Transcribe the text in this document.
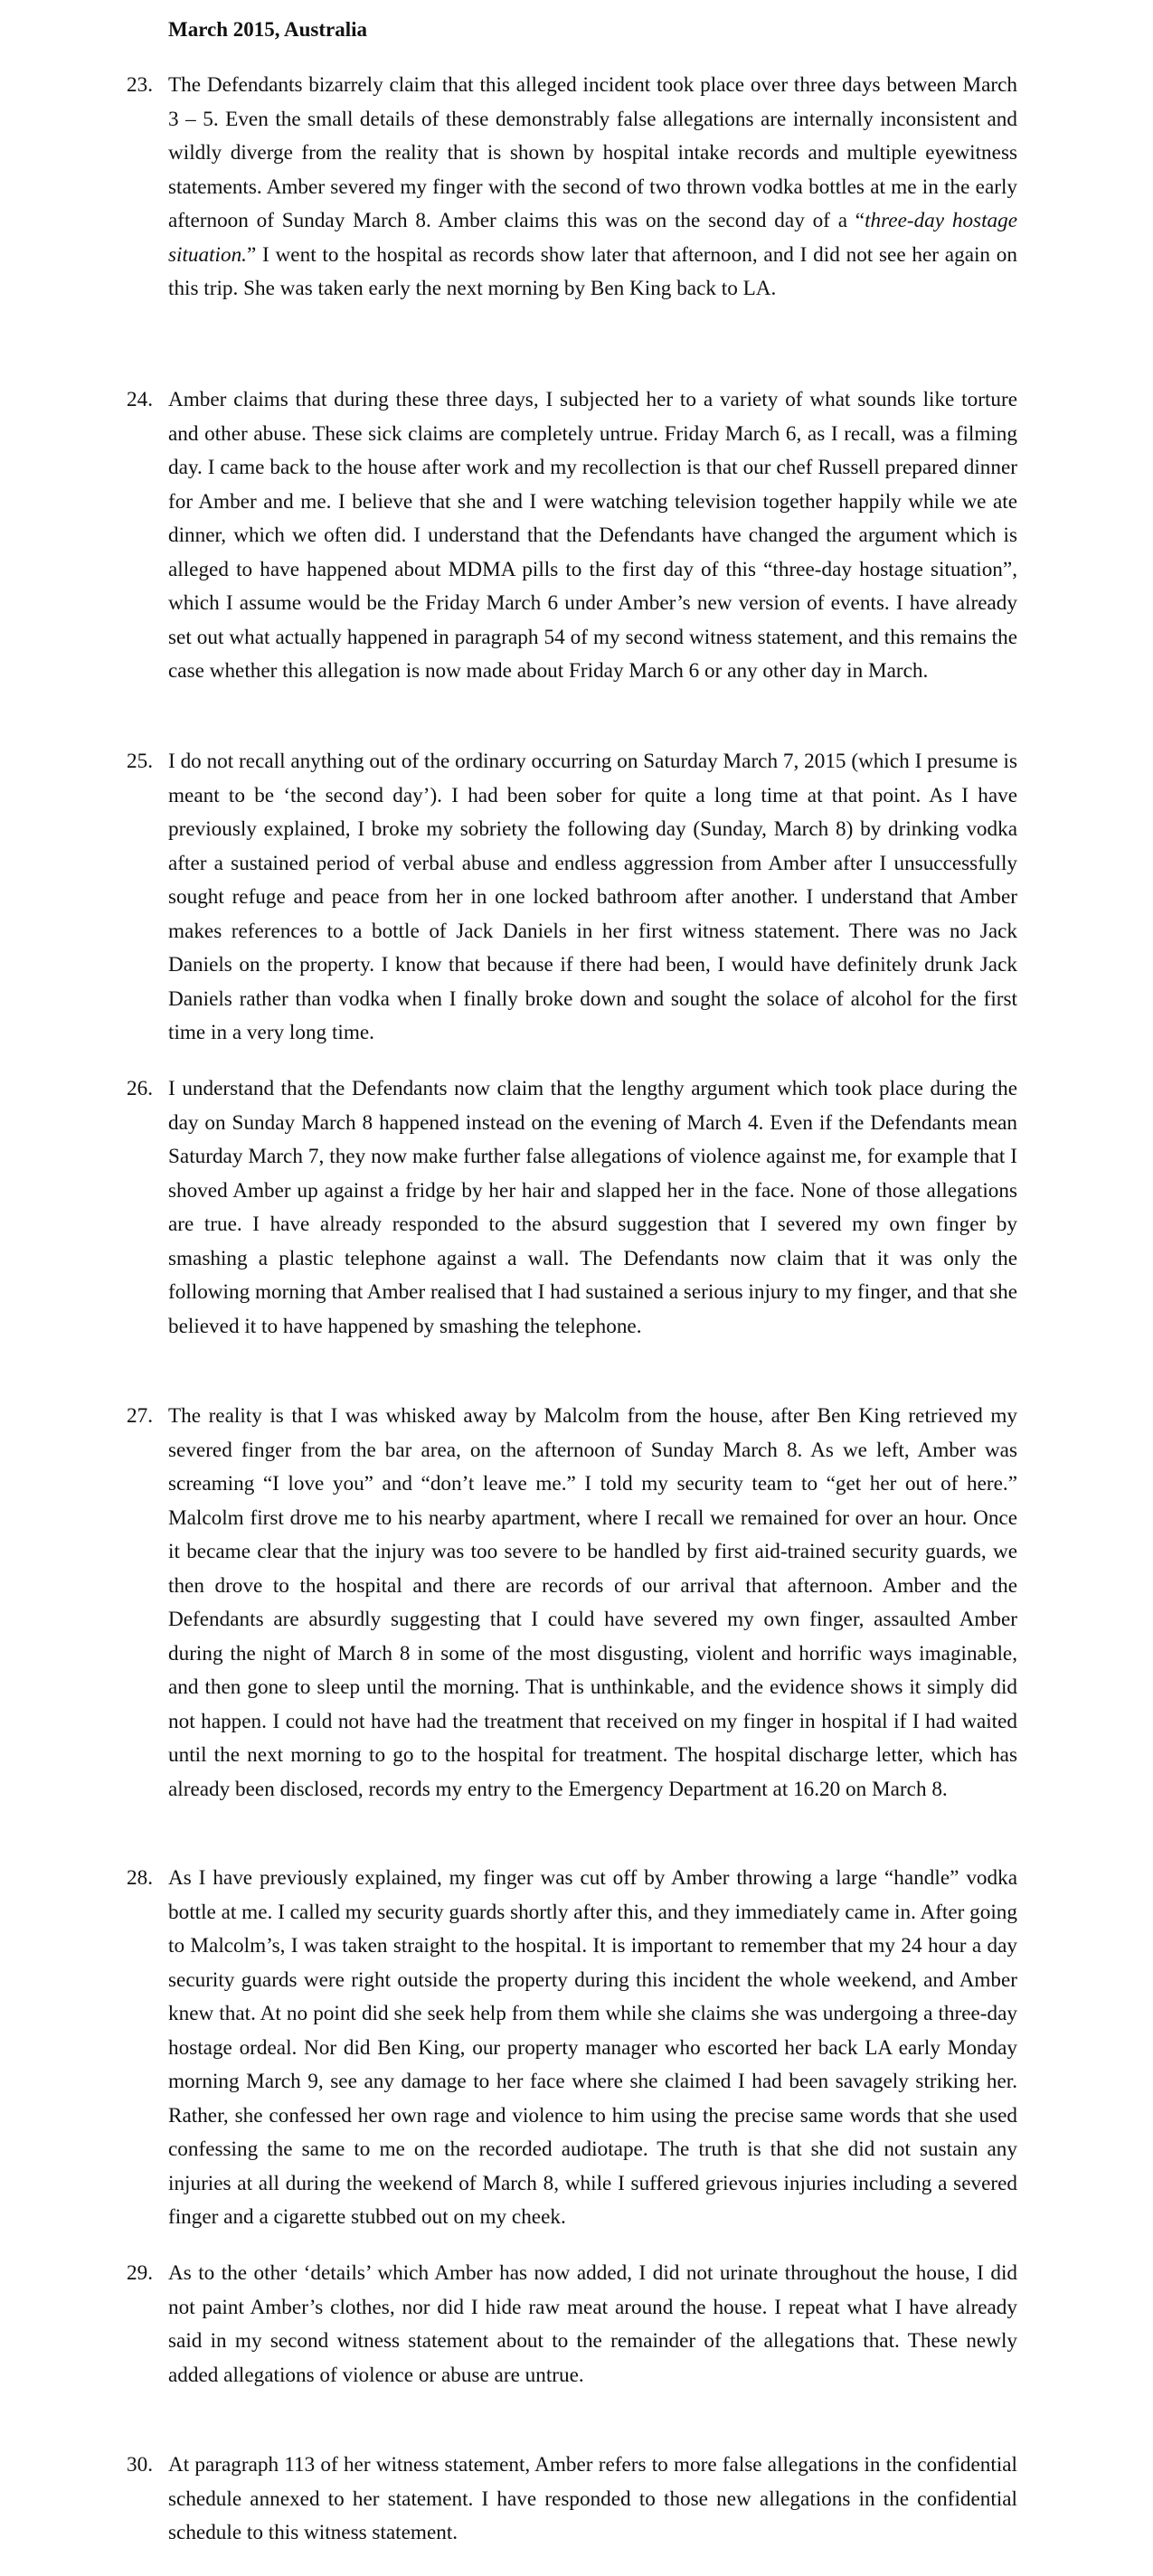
March 2015, Australia

23. The Defendants bizarrely claim that this alleged incident took place over three days between March 3 – 5. Even the small details of these demonstrably false allegations are internally inconsistent and wildly diverge from the reality that is shown by hospital intake records and multiple eyewitness statements. Amber severed my finger with the second of two thrown vodka bottles at me in the early afternoon of Sunday March 8. Amber claims this was on the second day of a “three-day hostage situation.” I went to the hospital as records show later that afternoon, and I did not see her again on this trip. She was taken early the next morning by Ben King back to LA.

24. Amber claims that during these three days, I subjected her to a variety of what sounds like torture and other abuse. These sick claims are completely untrue. Friday March 6, as I recall, was a filming day. I came back to the house after work and my recollection is that our chef Russell prepared dinner for Amber and me. I believe that she and I were watching television together happily while we ate dinner, which we often did. I understand that the Defendants have changed the argument which is alleged to have happened about MDMA pills to the first day of this “three-day hostage situation”, which I assume would be the Friday March 6 under Amber’s new version of events. I have already set out what actually happened in paragraph 54 of my second witness statement, and this remains the case whether this allegation is now made about Friday March 6 or any other day in March.

25. I do not recall anything out of the ordinary occurring on Saturday March 7, 2015 (which I presume is meant to be ‘the second day’). I had been sober for quite a long time at that point. As I have previously explained, I broke my sobriety the following day (Sunday, March 8) by drinking vodka after a sustained period of verbal abuse and endless aggression from Amber after I unsuccessfully sought refuge and peace from her in one locked bathroom after another. I understand that Amber makes references to a bottle of Jack Daniels in her first witness statement. There was no Jack Daniels on the property. I know that because if there had been, I would have definitely drunk Jack Daniels rather than vodka when I finally broke down and sought the solace of alcohol for the first time in a very long time.

26. I understand that the Defendants now claim that the lengthy argument which took place during the day on Sunday March 8 happened instead on the evening of March 4. Even if the Defendants mean Saturday March 7, they now make further false allegations of violence against me, for example that I shoved Amber up against a fridge by her hair and slapped her in the face. None of those allegations are true. I have already responded to the absurd suggestion that I severed my own finger by smashing a plastic telephone against a wall. The Defendants now claim that it was only the following morning that Amber realised that I had sustained a serious injury to my finger, and that she believed it to have happened by smashing the telephone.

27. The reality is that I was whisked away by Malcolm from the house, after Ben King retrieved my severed finger from the bar area, on the afternoon of Sunday March 8. As we left, Amber was screaming “I love you” and “don’t leave me.” I told my security team to “get her out of here.” Malcolm first drove me to his nearby apartment, where I recall we remained for over an hour. Once it became clear that the injury was too severe to be handled by first aid-trained security guards, we then drove to the hospital and there are records of our arrival that afternoon. Amber and the Defendants are absurdly suggesting that I could have severed my own finger, assaulted Amber during the night of March 8 in some of the most disgusting, violent and horrific ways imaginable, and then gone to sleep until the morning. That is unthinkable, and the evidence shows it simply did not happen. I could not have had the treatment that received on my finger in hospital if I had waited until the next morning to go to the hospital for treatment. The hospital discharge letter, which has already been disclosed, records my entry to the Emergency Department at 16.20 on March 8.

28. As I have previously explained, my finger was cut off by Amber throwing a large “handle” vodka bottle at me. I called my security guards shortly after this, and they immediately came in. After going to Malcolm’s, I was taken straight to the hospital. It is important to remember that my 24 hour a day security guards were right outside the property during this incident the whole weekend, and Amber knew that. At no point did she seek help from them while she claims she was undergoing a three-day hostage ordeal. Nor did Ben King, our property manager who escorted her back LA early Monday morning March 9, see any damage to her face where she claimed I had been savagely striking her. Rather, she confessed her own rage and violence to him using the precise same words that she used confessing the same to me on the recorded audiotape. The truth is that she did not sustain any injuries at all during the weekend of March 8, while I suffered grievous injuries including a severed finger and a cigarette stubbed out on my cheek.

29. As to the other ‘details’ which Amber has now added, I did not urinate throughout the house, I did not paint Amber’s clothes, nor did I hide raw meat around the house. I repeat what I have already said in my second witness statement about to the remainder of the allegations that. These newly added allegations of violence or abuse are untrue.

30. At paragraph 113 of her witness statement, Amber refers to more false allegations in the confidential schedule annexed to her statement. I have responded to those new allegations in the confidential schedule to this witness statement.
